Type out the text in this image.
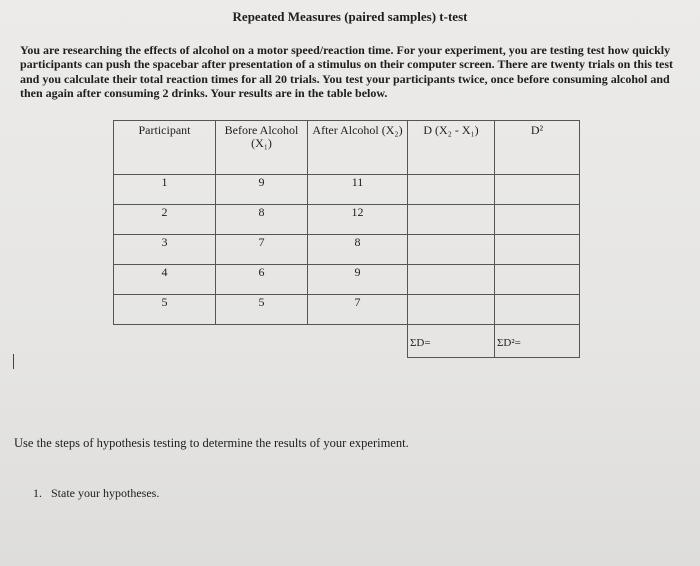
Repeated Measures (paired samples) t-test

You are researching the effects of alcohol on a motor speed/reaction time. For your experiment, you are testing test how quickly participants can push the spacebar after presentation of a stimulus on their computer screen. There are twenty trials on this test and you calculate their total reaction times for all 20 trials. You test your participants twice, once before consuming alcohol and then again after consuming 2 drinks. Your results are in the table below.

Participant	Before Alcohol (X₁)	After Alcohol (X₂)	D (X₂ - X₁)	D²
1	9	11		
2	8	12		
3	7	8		
4	6	9		
5	5	7		
			ΣD=	ΣD²=
Use the steps of hypothesis testing to determine the results of your experiment.
1. State your hypotheses.
